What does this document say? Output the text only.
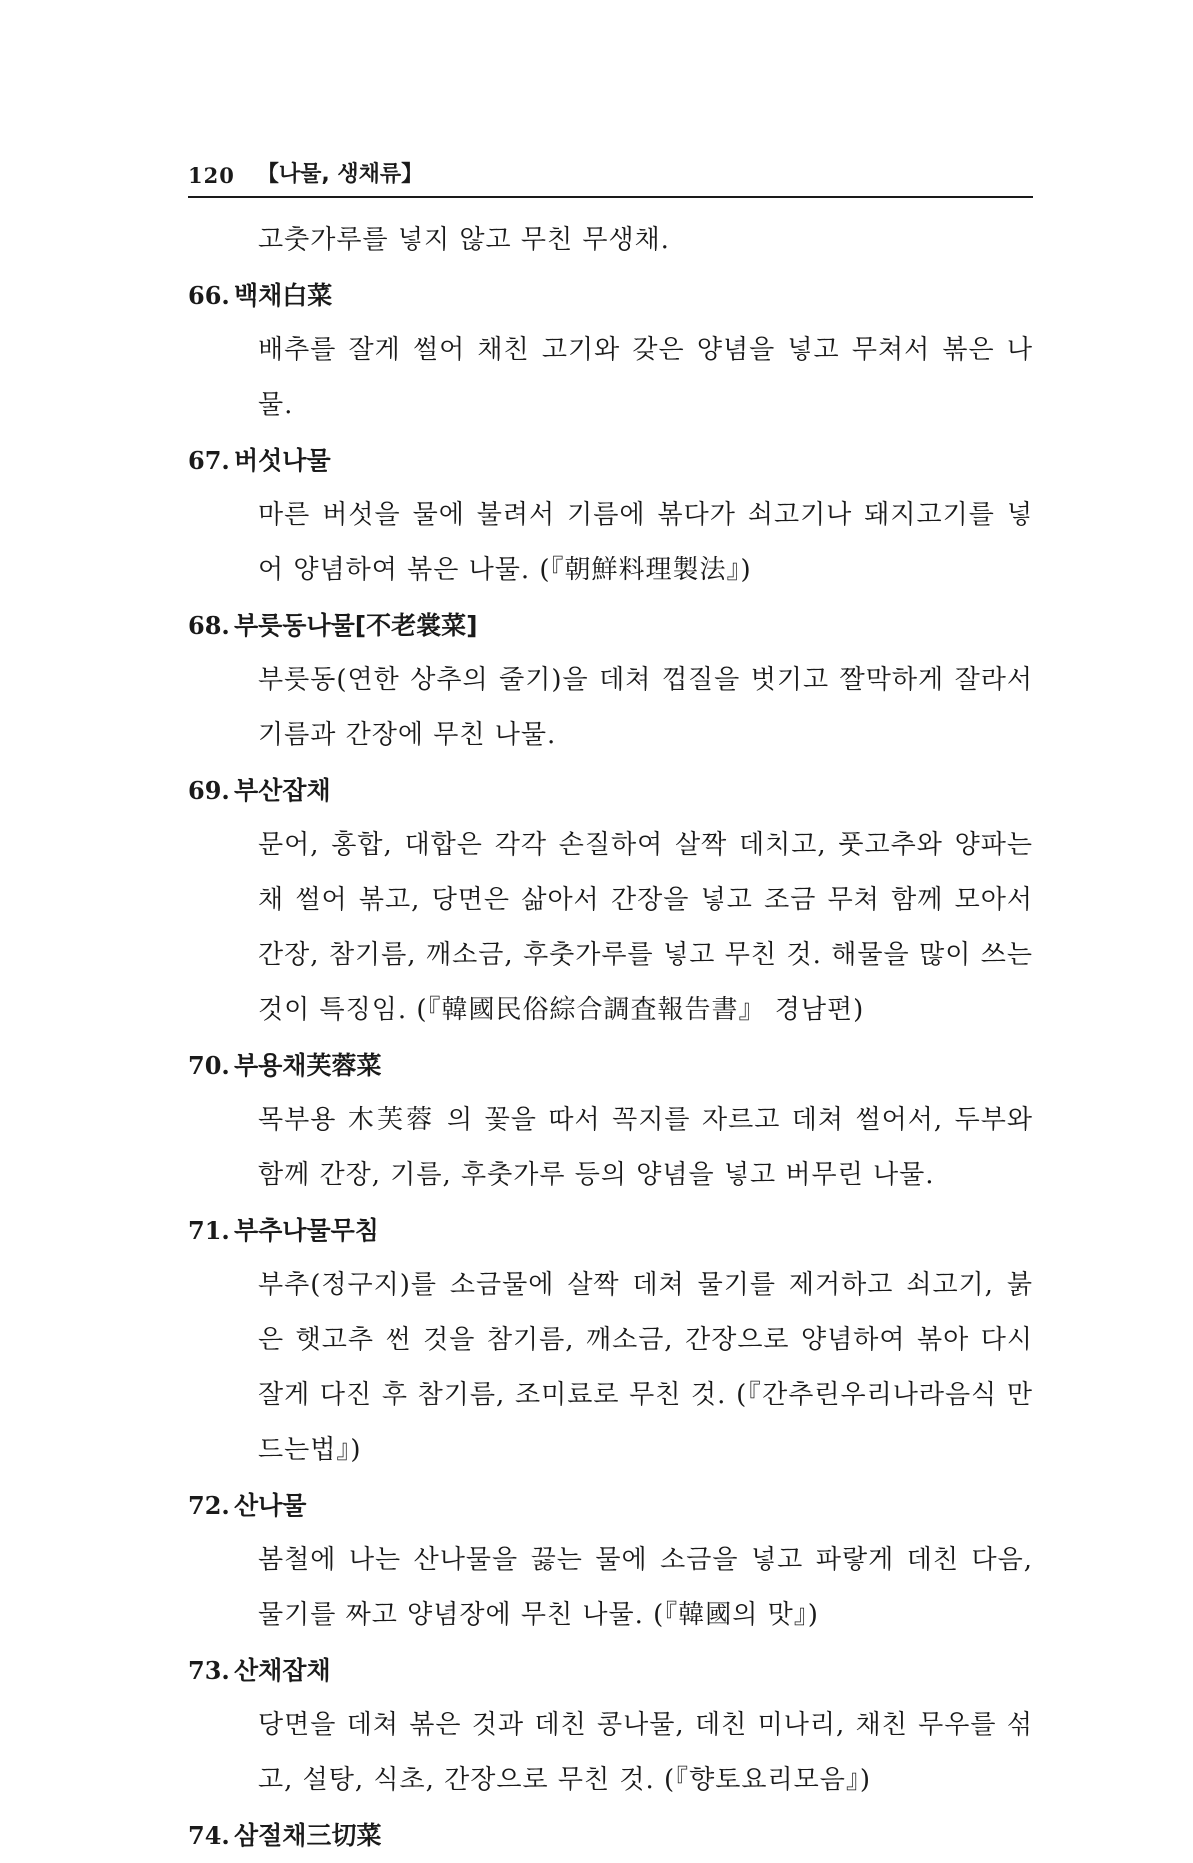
120 【나물, 생채류】
고춧가루를 넣지 않고 무친 무생채.
66. 백채白菜
배추를 잘게 썰어 채친 고기와 갖은 양념을 넣고 무쳐서 볶은 나물.
67. 버섯나물
마른 버섯을 물에 불려서 기름에 볶다가 쇠고기나 돼지고기를 넣어 양념하여 볶은 나물. (『朝鮮料理製法』)
68. 부릇동나물[不老裳菜]
부릇동(연한 상추의 줄기)을 데쳐 껍질을 벗기고 짤막하게 잘라서 기름과 간장에 무친 나물.
69. 부산잡채
문어, 홍합, 대합은 각각 손질하여 살짝 데치고, 풋고추와 양파는 채 썰어 볶고, 당면은 삶아서 간장을 넣고 조금 무쳐 함께 모아서 간장, 참기름, 깨소금, 후춧가루를 넣고 무친 것. 해물을 많이 쓰는 것이 특징임. (『韓國民俗綜合調査報告書』 경남편)
70. 부용채芙蓉菜
목부용 木芙蓉 의 꽃을 따서 꼭지를 자르고 데쳐 썰어서, 두부와 함께 간장, 기름, 후춧가루 등의 양념을 넣고 버무린 나물.
71. 부추나물무침
부추(정구지)를 소금물에 살짝 데쳐 물기를 제거하고 쇠고기, 붉은 햇고추 썬 것을 참기름, 깨소금, 간장으로 양념하여 볶아 다시 잘게 다진 후 참기름, 조미료로 무친 것. (『간추린우리나라음식 만드는법』)
72. 산나물
봄철에 나는 산나물을 끓는 물에 소금을 넣고 파랗게 데친 다음, 물기를 짜고 양념장에 무친 나물. (『韓國의 맛』)
73. 산채잡채
당면을 데쳐 볶은 것과 데친 콩나물, 데친 미나리, 채친 무우를 섞고, 설탕, 식초, 간장으로 무친 것. (『향토요리모음』)
74. 삼절채三切菜
